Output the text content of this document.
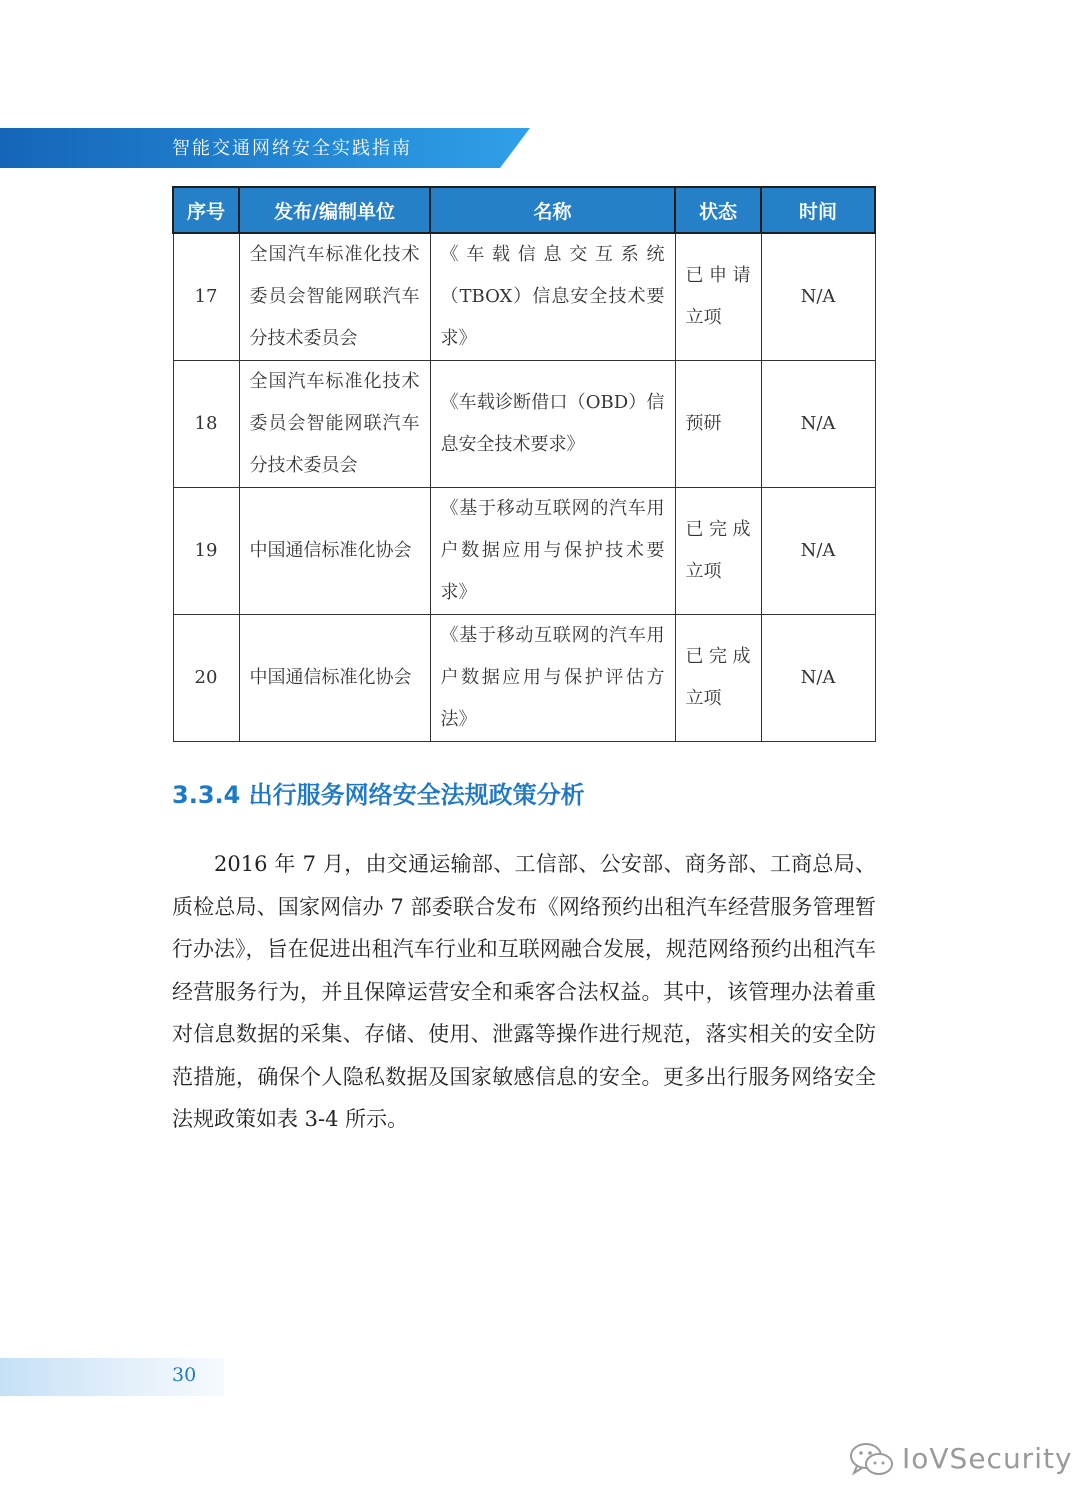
智能交通网络安全实践指南
序号	发布/编制单位	名称	状态	时间
17	全国汽车标准化技术委员会智能网联汽车分技术委员会	《车载信息交互系统（TBOX）信息安全技术要求》	已申请立项	N/A
18	全国汽车标准化技术委员会智能网联汽车分技术委员会	《车载诊断借口（OBD）信息安全技术要求》	预研	N/A
19	中国通信标准化协会	《基于移动互联网的汽车用户数据应用与保护技术要求》	已完成立项	N/A
20	中国通信标准化协会	《基于移动互联网的汽车用户数据应用与保护评估方法》	已完成立项	N/A
3.3.4 出行服务网络安全法规政策分析
2016 年 7 月，由交通运输部、工信部、公安部、商务部、工商总局、质检总局、国家网信办 7 部委联合发布《网络预约出租汽车经营服务管理暂行办法》，旨在促进出租汽车行业和互联网融合发展，规范网络预约出租汽车经营服务行为，并且保障运营安全和乘客合法权益。其中，该管理办法着重对信息数据的采集、存储、使用、泄露等操作进行规范，落实相关的安全防范措施，确保个人隐私数据及国家敏感信息的安全。更多出行服务网络安全法规政策如表 3-4 所示。
30
IoVSecurity
